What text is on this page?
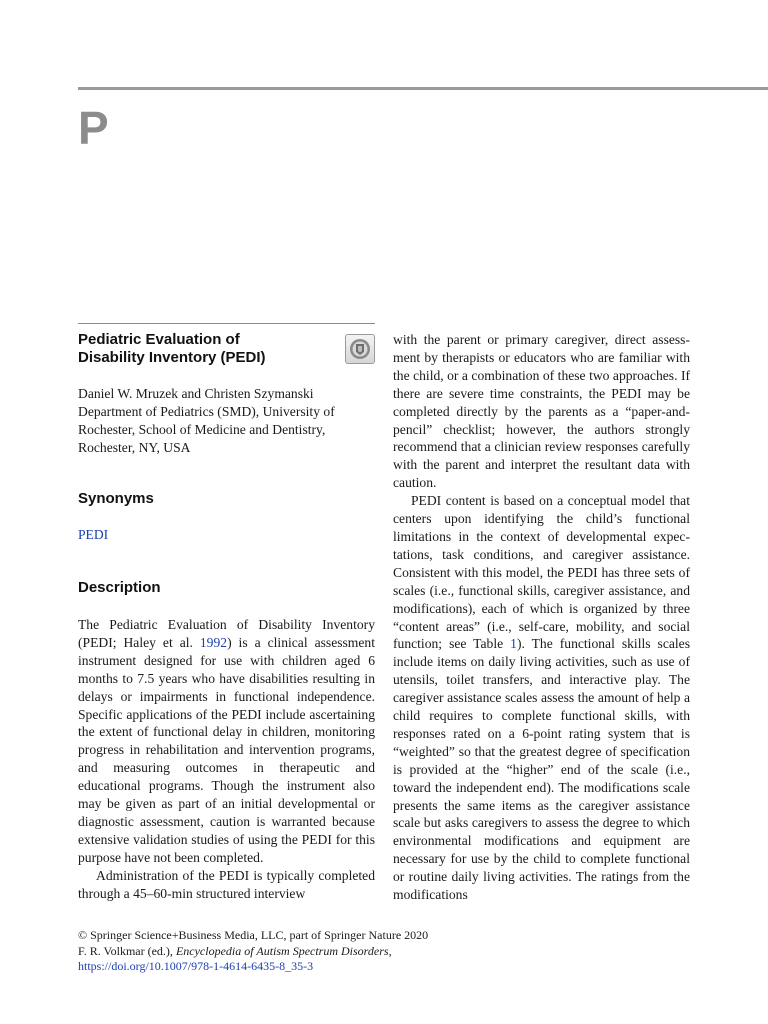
P
Pediatric Evaluation of
Disability Inventory (PEDI)
Daniel W. Mruzek and Christen Szymanski
Department of Pediatrics (SMD), University of
Rochester, School of Medicine and Dentistry,
Rochester, NY, USA
Synonyms
PEDI
Description

The Pediatric Evaluation of Disability Inventory (PEDI; Haley et al. 1992) is a clinical assessment instrument designed for use with children aged 6 months to 7.5 years who have disabilities resulting in delays or impairments in functional independence. Specific applications of the PEDI include ascertaining the extent of functional delay in children, monitoring progress in rehabilitation and intervention programs, and measuring outcomes in therapeutic and educational programs. Though the instrument also may be given as part of an initial developmental or diagnostic assessment, caution is warranted because extensive validation studies of using the PEDI for this purpose have not been completed.

Administration of the PEDI is typically completed through a 45–60-min structured interview

with the parent or primary caregiver, direct assessment by therapists or educators who are familiar with the child, or a combination of these two approaches. If there are severe time constraints, the PEDI may be completed directly by the parents as a “paper-and-pencil” checklist; however, the authors strongly recommend that a clinician review responses carefully with the parent and interpret the resultant data with caution.

PEDI content is based on a conceptual model that centers upon identifying the child’s functional limitations in the context of developmental expectations, task conditions, and caregiver assistance. Consistent with this model, the PEDI has three sets of scales (i.e., functional skills, caregiver assistance, and modifications), each of which is organized by three “content areas” (i.e., self-care, mobility, and social function; see Table 1). The functional skills scales include items on daily living activities, such as use of utensils, toilet transfers, and interactive play. The caregiver assistance scales assess the amount of help a child requires to complete functional skills, with responses rated on a 6-point rating system that is “weighted” so that the greatest degree of specification is provided at the “higher” end of the scale (i.e., toward the independent end). The modifications scale presents the same items as the caregiver assistance scale but asks caregivers to assess the degree to which environmental modifications and equipment are necessary for use by the child to complete functional or routine daily living activities. The ratings from the modifications

© Springer Science+Business Media, LLC, part of Springer Nature 2020
F. R. Volkmar (ed.), Encyclopedia of Autism Spectrum Disorders,
https://doi.org/10.1007/978-1-4614-6435-8_35-3
